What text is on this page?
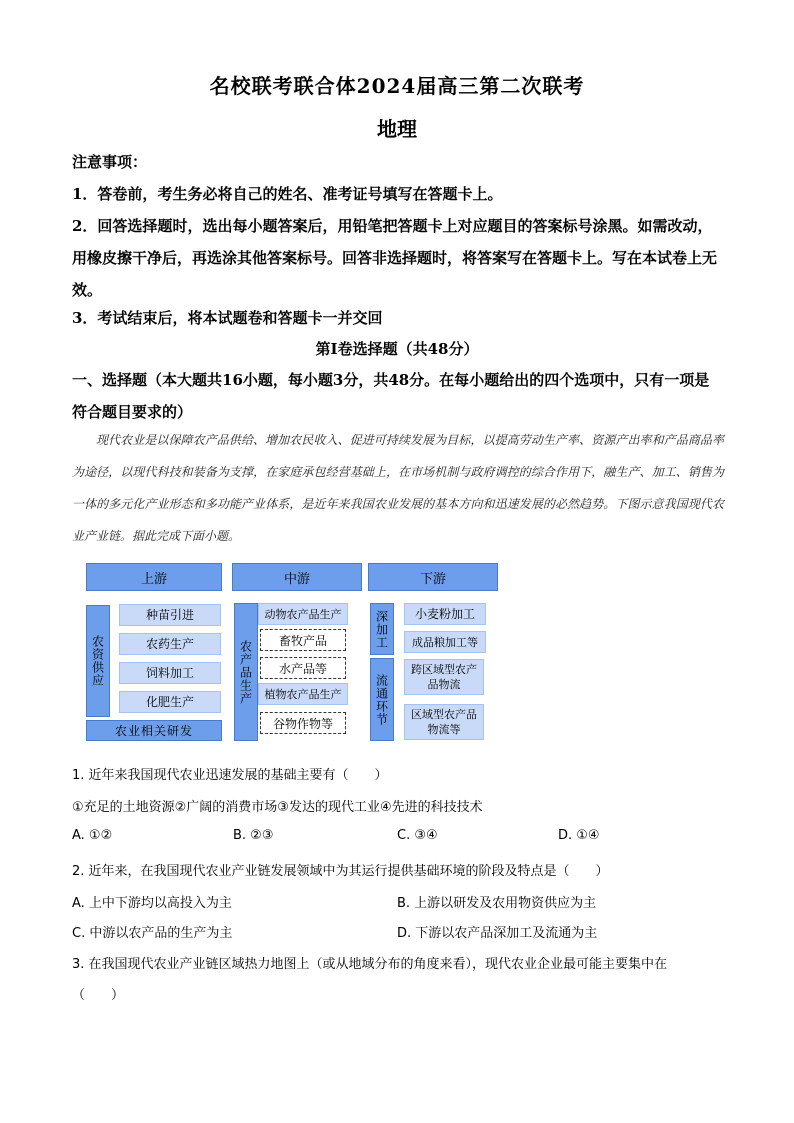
名校联考联合体2024届高三第二次联考
地理
注意事项：
1．答卷前，考生务必将自己的姓名、准考证号填写在答题卡上。
2．回答选择题时，选出每小题答案后，用铅笔把答题卡上对应题目的答案标号涂黑。如需改动，用橡皮擦干净后，再选涂其他答案标号。回答非选择题时，将答案写在答题卡上。写在本试卷上无效。
3．考试结束后，将本试题卷和答题卡一并交回
第Ⅰ卷选择题（共48分）
一、选择题（本大题共16小题，每小题3分，共48分。在每小题给出的四个选项中，只有一项是符合题目要求的）
现代农业是以保障农产品供给、增加农民收入、促进可持续发展为目标，以提高劳动生产率、资源产出率和产品商品率为途径，以现代科技和装备为支撑，在家庭承包经营基础上，在市场机制与政府调控的综合作用下，融生产、加工、销售为一体的多元化产业形态和多功能产业体系，是近年来我国农业发展的基本方向和迅速发展的必然趋势。下图示意我国现代农业产业链。据此完成下面小题。
上游	中游	下游
农资供应
种苗引进
农药生产
饲料加工
化肥生产
农业相关研发
农产品生产
动物农产品生产
畜牧产品
水产品等
植物农产品生产
谷物作物等
深加工
流通环节
小麦粉加工
成品粮加工等
跨区域型农产品物流
区域型农产品物流等
1. 近年来我国现代农业迅速发展的基础主要有（　　）
①充足的土地资源②广阔的消费市场③发达的现代工业④先进的科技技术
A. ①②	B. ②③	C. ③④	D. ①④
2. 近年来，在我国现代农业产业链发展领域中为其运行提供基础环境的阶段及特点是（　　）
A. 上中下游均以高投入为主	B. 上游以研发及农用物资供应为主
C. 中游以农产品的生产为主	D. 下游以农产品深加工及流通为主
3. 在我国现代农业产业链区域热力地图上（或从地域分布的角度来看），现代农业企业最可能主要集中在
（　　）
